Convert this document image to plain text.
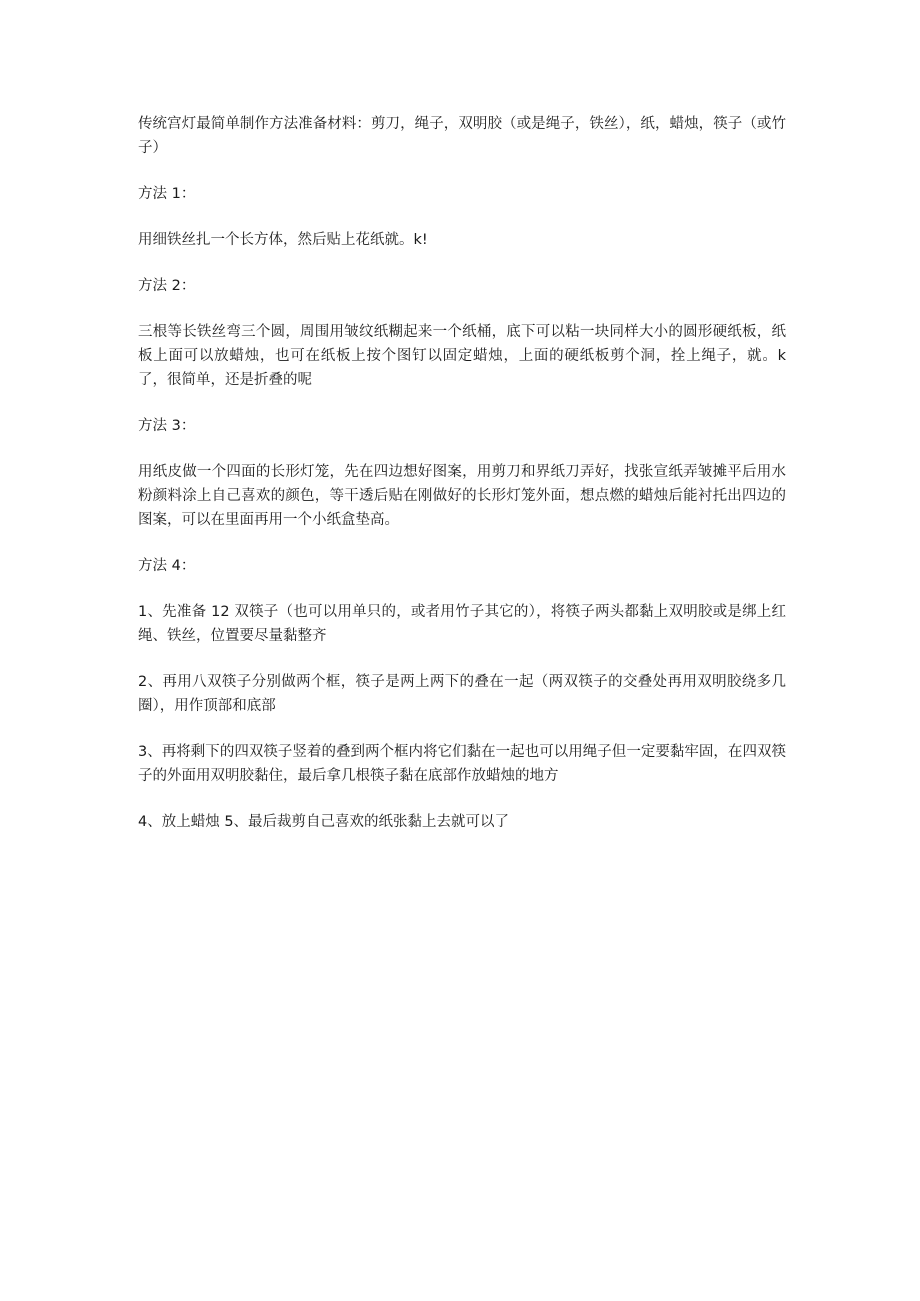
传统宫灯最简单制作方法准备材料：剪刀，绳子，双明胶（或是绳子，铁丝），纸，蜡烛，筷子（或竹子）

方法 1：

用细铁丝扎一个长方体，然后贴上花纸就。k!

方法 2：

三根等长铁丝弯三个圆，周围用皱纹纸糊起来一个纸桶，底下可以粘一块同样大小的圆形硬纸板，纸板上面可以放蜡烛，也可在纸板上按个图钉以固定蜡烛，上面的硬纸板剪个洞，拴上绳子，就。k 了，很简单，还是折叠的呢

方法 3：

用纸皮做一个四面的长形灯笼，先在四边想好图案，用剪刀和界纸刀弄好，找张宣纸弄皱摊平后用水粉颜料涂上自己喜欢的颜色，等干透后贴在刚做好的长形灯笼外面，想点燃的蜡烛后能衬托出四边的图案，可以在里面再用一个小纸盒垫高。

方法 4：

1、先准备 12 双筷子（也可以用单只的，或者用竹子其它的），将筷子两头都黏上双明胶或是绑上红绳、铁丝，位置要尽量黏整齐

2、再用八双筷子分别做两个框，筷子是两上两下的叠在一起（两双筷子的交叠处再用双明胶绕多几圈），用作顶部和底部

3、再将剩下的四双筷子竖着的叠到两个框内将它们黏在一起也可以用绳子但一定要黏牢固，在四双筷子的外面用双明胶黏住，最后拿几根筷子黏在底部作放蜡烛的地方

4、放上蜡烛 5、最后裁剪自己喜欢的纸张黏上去就可以了
